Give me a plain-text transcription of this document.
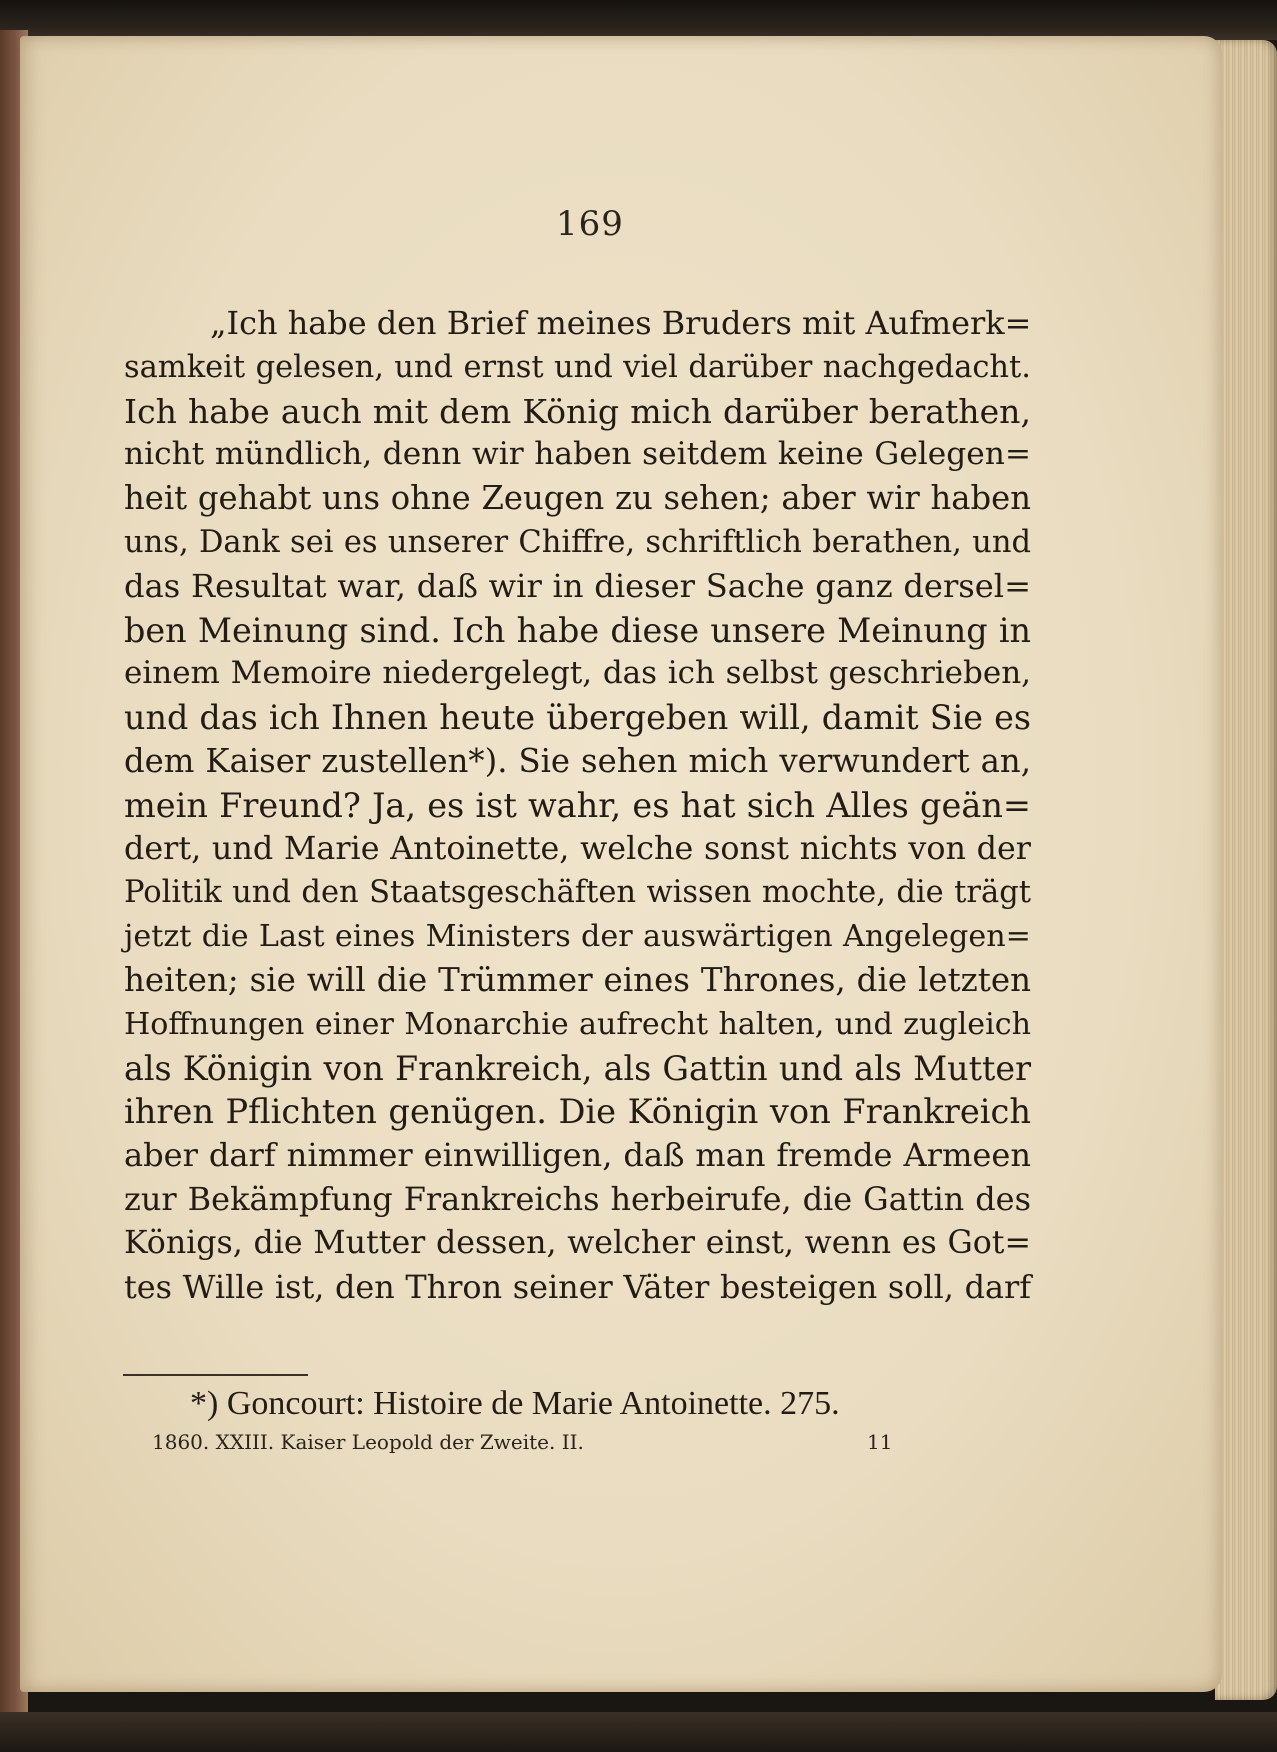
169
„Ich habe den Brief meines Bruders mit Aufmerk=
samkeit gelesen, und ernst und viel darüber nachgedacht.
Ich habe auch mit dem König mich darüber berathen,
nicht mündlich, denn wir haben seitdem keine Gelegen=
heit gehabt uns ohne Zeugen zu sehen; aber wir haben
uns, Dank sei es unserer Chiffre, schriftlich berathen, und
das Resultat war, daß wir in dieser Sache ganz dersel=
ben Meinung sind. Ich habe diese unsere Meinung in
einem Memoire niedergelegt, das ich selbst geschrieben,
und das ich Ihnen heute übergeben will, damit Sie es
dem Kaiser zustellen*). Sie sehen mich verwundert an,
mein Freund? Ja, es ist wahr, es hat sich Alles geän=
dert, und Marie Antoinette, welche sonst nichts von der
Politik und den Staatsgeschäften wissen mochte, die trägt
jetzt die Last eines Ministers der auswärtigen Angelegen=
heiten; sie will die Trümmer eines Thrones, die letzten
Hoffnungen einer Monarchie aufrecht halten, und zugleich
als Königin von Frankreich, als Gattin und als Mutter
ihren Pflichten genügen. Die Königin von Frankreich
aber darf nimmer einwilligen, daß man fremde Armeen
zur Bekämpfung Frankreichs herbeirufe, die Gattin des
Königs, die Mutter dessen, welcher einst, wenn es Got=
tes Wille ist, den Thron seiner Väter besteigen soll, darf
*) Goncourt: Histoire de Marie Antoinette. 275.
1860. XXIII. Kaiser Leopold der Zweite. II.	11
